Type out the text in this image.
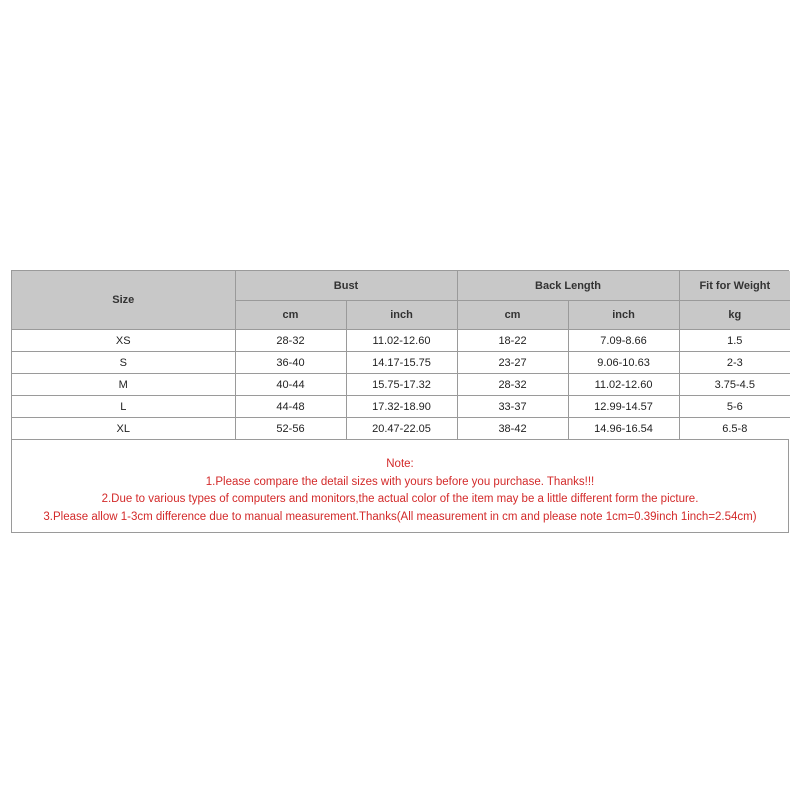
Size	Bust		Back Length		Fit for Weight
	cm	inch	cm	inch	kg
XS	28-32	11.02-12.60	18-22	7.09-8.66	1.5
S	36-40	14.17-15.75	23-27	9.06-10.63	2-3
M	40-44	15.75-17.32	28-32	11.02-12.60	3.75-4.5
L	44-48	17.32-18.90	33-37	12.99-14.57	5-6
XL	52-56	20.47-22.05	38-42	14.96-16.54	6.5-8
Note:
1.Please compare the detail sizes with yours before you purchase. Thanks!!!
2.Due to various types of computers and monitors,the actual color of the item may be a little different form the picture.
3.Please allow 1-3cm difference due to manual measurement.Thanks(All measurement in cm and please note 1cm=0.39inch 1inch=2.54cm)
